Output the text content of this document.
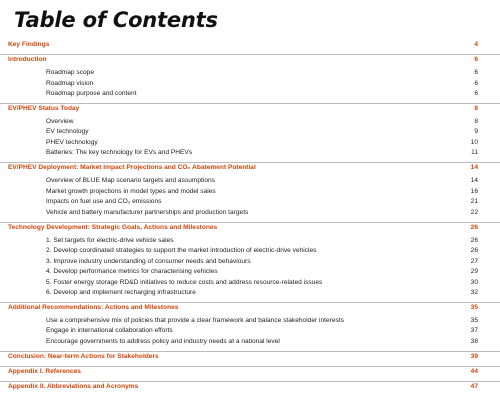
Table of Contents
Key Findings	4
Introduction	6
Roadmap scope	6
Roadmap vision	6
Roadmap purpose and content	6
EV/PHEV Status Today	8
Overview	8
EV technology	9
PHEV technology	10
Batteries: The key technology for EVs and PHEVs	11
EV/PHEV Deployment: Market Impact Projections and CO₂ Abatement Potential	14
Overview of BLUE Map scenario targets and assumptions	14
Market growth projections in model types and model sales	16
Impacts on fuel use and CO₂ emissions	21
Vehicle and battery manufacturer partnerships and production targets	22
Technology Development: Strategic Goals, Actions and Milestones	26
1. Set targets for electric-drive vehicle sales	26
2. Develop coordinated strategies to support the market introduction of electric-drive vehicles	26
3. Improve industry understanding of consumer needs and behaviours	27
4. Develop performance metrics for characterising vehicles	29
5. Foster energy storage RD&D initiatives to reduce costs and address resource-related issues	30
6. Develop and implement recharging infrastructure	32
Additional Recommendations: Actions and Milestones	35
Use a comprehensive mix of policies that provide a clear framework and balance stakeholder interests	35
Engage in international collaboration efforts	37
Encourage governments to address policy and industry needs at a national level	38
Conclusion: Near-term Actions for Stakeholders	39
Appendix I. References	44
Appendix II. Abbreviations and Acronyms	47
